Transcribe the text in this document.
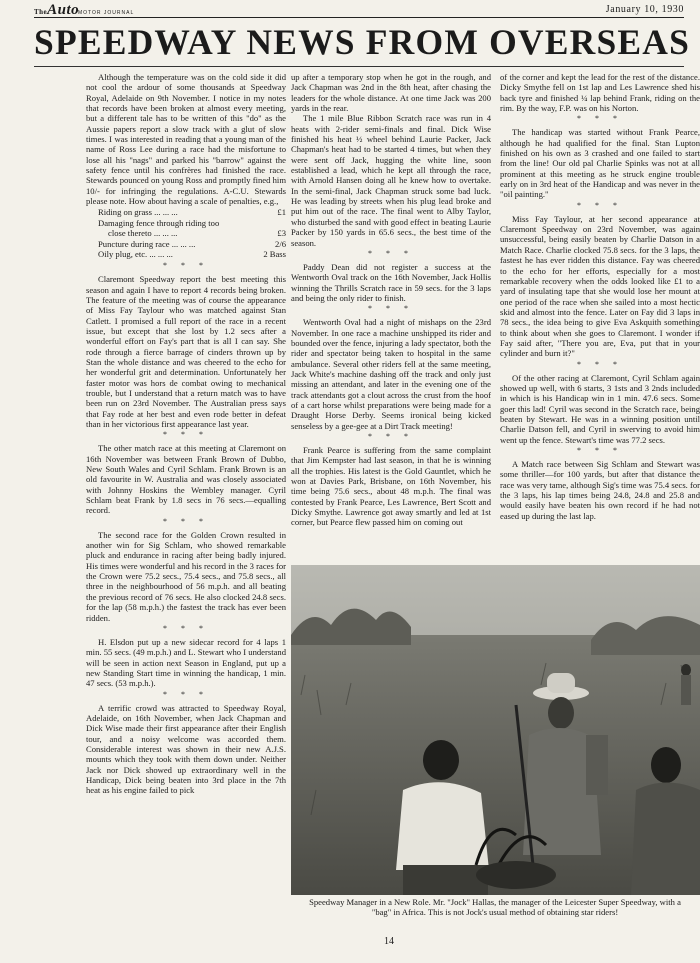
TheAuto
MOTOR JOURNAL	January 10, 1930
SPEEDWAY NEWS FROM OVERSEAS

Although the temperature was on the cold side it did not cool the ardour of some thousands at Speedway Royal, Adelaide on 9th November. I notice in my notes that records have been broken at almost every meeting, but a different tale has to be written of this "do" as the Aussie papers report a slow track with a glut of slow times. I was interested in reading that a young man of the name of Ross Lee during a race had the misfortune to lose all his "nags" and parked his "barrow" against the safety fence until his confrères had finished the race. Stewards pounced on young Ross and promptly fined him 10/- for infringing the regulations. A-C.U. Stewards please note. How about having a scale of penalties, e.g.,

Riding on grass ... ... ...	£1
Damaging fence through riding too
close thereto ... ... ...	£3
Puncture during race ... ... ...	2/6
Oily plug, etc. ... ... ...	2 Bass
* * *

Claremont Speedway report the best meeting this season and again I have to report 4 records being broken. The feature of the meeting was of course the appearance of Miss Fay Taylour who was matched against Stan Catlett. I promised a full report of the race in a recent issue, but except that she lost by 1.2 secs after a wonderful effort on Fay's part that is all I can say. She rode through a fierce barrage of cinders thrown up by Stan the whole distance and was cheered to the echo for her wonderful grit and determination. Unfortunately her faster motor was hors de combat owing to mechanical trouble, but I understand that a return match was to have been run on 23rd November. The Australian press says that Fay rode at her best and even rode better in defeat than in her victorious first appearance last year.

* * *

The other match race at this meeting at Claremont on 16th November was between Frank Brown of Dubbo, New South Wales and Cyril Schlam. Frank Brown is an old favourite in W. Australia and was closely associated with Johnny Hoskins the Wembley manager. Cyril Schlam beat Frank by 1.8 secs in 76 secs.—equalling record.

* * *

The second race for the Golden Crown resulted in another win for Sig Schlam, who showed remarkable pluck and endurance in racing after being badly injured. His times were wonderful and his record in the 3 races for the Crown were 75.2 secs., 75.4 secs., and 75.8 secs., all three in the neighbourhood of 56 m.p.h. and all beating the previous record of 76 secs. He also clocked 24.8 secs. for the lap (58 m.p.h.) the fastest the track has ever been ridden.

* * *

H. Elsdon put up a new sidecar record for 4 laps 1 min. 55 secs. (49 m.p.h.) and L. Stewart who I understand will be seen in action next Season in England, put up a new Standing Start time in winning the handicap, 1 min. 47 secs. (53 m.p.h.).

* * *

A terrific crowd was attracted to Speedway Royal, Adelaide, on 16th November, when Jack Chapman and Dick Wise made their first appearance after their English tour, and a noisy welcome was accorded them. Considerable interest was shown in their new A.J.S. mounts which they took with them down under. Neither Jack nor Dick showed up extraordinary well in the Handicap, Dick being beaten into 3rd place in the 7th heat as his engine failed to pick

up after a temporary stop when he got in the rough, and Jack Chapman was 2nd in the 8th heat, after chasing the leaders for the whole distance. At one time Jack was 200 yards in the rear.

The 1 mile Blue Ribbon Scratch race was run in 4 heats with 2-rider semi-finals and final. Dick Wise finished his heat ½ wheel behind Laurie Packer, Jack Chapman's heat had to be started 4 times, but when they were sent off Jack, hugging the white line, soon established a lead, which he kept all through the race, with Arnold Hansen doing all he knew how to overtake. In the semi-final, Jack Chapman struck some bad luck. He was leading by streets when his plug lead broke and put him out of the race. The final went to Alby Taylor, who disturbed the sand with good effect in beating Laurie Packer by 150 yards in 65.6 secs., the best time of the season.

* * *

Paddy Dean did not register a success at the Wentworth Oval track on the 16th November, Jack Hollis winning the Thrills Scratch race in 59 secs. for the 3 laps and being the only rider to finish.

* * *

Wentworth Oval had a night of mishaps on the 23rd November. In one race a machine unshipped its rider and bounded over the fence, injuring a lady spectator, both the rider and spectator being taken to hospital in the same ambulance. Several other riders fell at the same meeting, Jack White's machine dashing off the track and only just missing an attendant, and later in the evening one of the track attendants got a clout across the crust from the hoof of a cart horse whilst preparations were being made for a Draught Horse Derby. Seems ironical being kicked senseless by a gee-gee at a Dirt Track meeting!

* * *

Frank Pearce is suffering from the same complaint that Jim Kempster had last season, in that he is winning all the trophies. His latest is the Gold Gauntlet, which he won at Davies Park, Brisbane, on 16th November, his time being 75.6 secs., about 48 m.p.h. The final was contested by Frank Pearce, Les Lawrence, Bert Scott and Dicky Smythe. Lawrence got away smartly and led at 1st corner, but Pearce flew passed him on coming out

of the corner and kept the lead for the rest of the distance. Dicky Smythe fell on 1st lap and Les Lawrence shed his back tyre and finished ¼ lap behind Frank, riding on the rim. By the way, F.P. was on his Norton.

* * *

The handicap was started without Frank Pearce, although he had qualified for the final. Stan Lupton finished on his own as 3 crashed and one failed to start from the line! Our old pal Charlie Spinks was not at all prominent at this meeting as he struck engine trouble early on in 3rd heat of the Handicap and was never in the "oil painting."

* * *

Miss Fay Taylour, at her second appearance at Claremont Speedway on 23rd November, was again unsuccessful, being easily beaten by Charlie Datson in a Match Race. Charlie clocked 75.8 secs. for the 3 laps, the fastest he has ever ridden this distance. Fay was cheered to the echo for her efforts, especially for a most remarkable recovery when the odds looked like £1 to a yard of insulating tape that she would lose her mount at one period of the race when she sailed into a most hectic skid and almost into the fence. Later on Fay did 3 laps in 78 secs., the idea being to give Eva Askquith something to think about when she goes to Claremont. I wonder if Fay said after, "There you are, Eva, put that in your cylinder and burn it?"

* * *

Of the other racing at Claremont, Cyril Schlam again showed up well, with 6 starts, 3 1sts and 3 2nds included in which is his Handicap win in 1 min. 47.6 secs. Some goer this lad! Cyril was second in the Scratch race, being beaten by Stewart. He was in a winning position until Charlie Datson fell, and Cyril in swerving to avoid him went up the fence. Stewart's time was 77.2 secs.

* * *

A Match race between Sig Schlam and Stewart was some thriller—for 100 yards, but after that distance the race was very tame, although Sig's time was 75.4 secs. for the 3 laps, his lap times being 24.8, 24.8 and 25.8 and would easily have beaten his own record if he had not eased up during the last lap.

Speedway Manager in a New Role. Mr. "Jock" Hallas, the manager of the Leicester Super Speedway, with a "bag" in Africa. This is not Jock's usual method of obtaining star riders!
14
